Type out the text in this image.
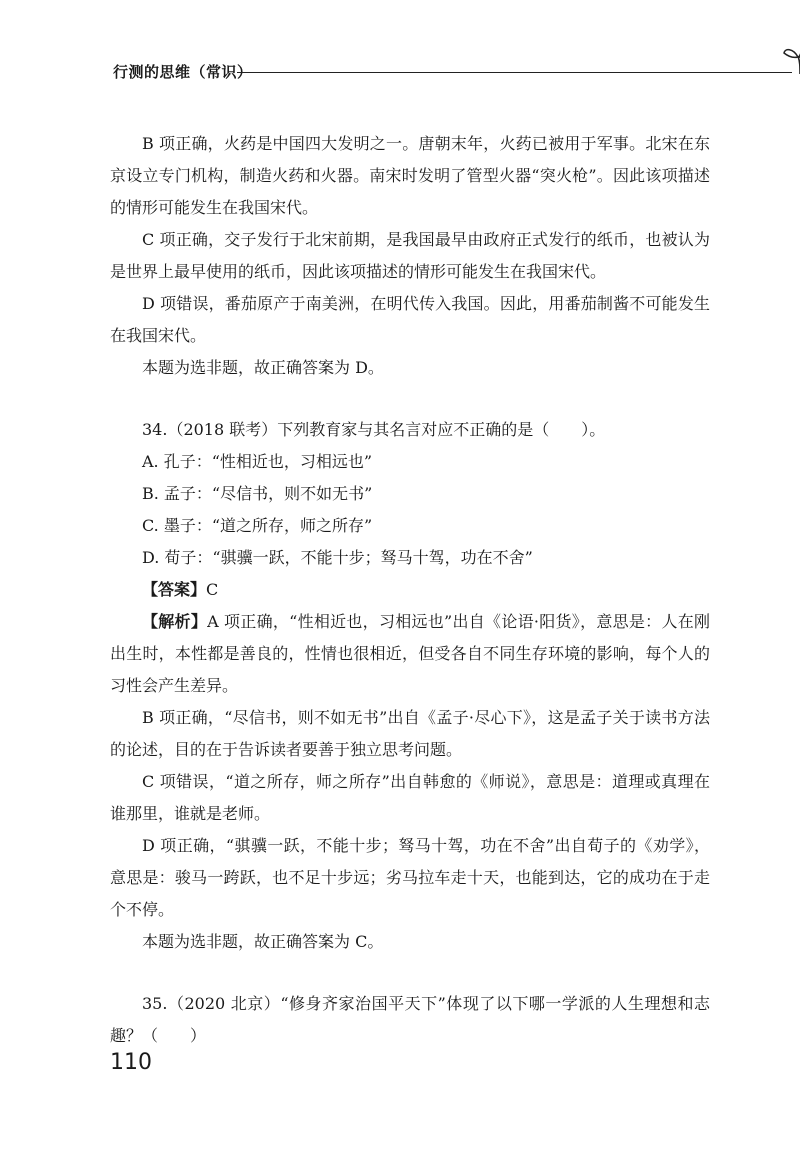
行测的思维（常识）

B 项正确，火药是中国四大发明之一。唐朝末年，火药已被用于军事。北宋在东京设立专门机构，制造火药和火器。南宋时发明了管型火器“突火枪”。因此该项描述的情形可能发生在我国宋代。

C 项正确，交子发行于北宋前期，是我国最早由政府正式发行的纸币，也被认为是世界上最早使用的纸币，因此该项描述的情形可能发生在我国宋代。

D 项错误，番茄原产于南美洲，在明代传入我国。因此，用番茄制酱不可能发生在我国宋代。

本题为选非题，故正确答案为 D。

34.（2018 联考）下列教育家与其名言对应不正确的是（　　）。

A. 孔子：“性相近也，习相远也”

B. 孟子：“尽信书，则不如无书”

C. 墨子：“道之所存，师之所存”

D. 荀子：“骐骥一跃，不能十步；驽马十驾，功在不舍”

【答案】C

【解析】A 项正确，“性相近也，习相远也”出自《论语·阳货》，意思是：人在刚出生时，本性都是善良的，性情也很相近，但受各自不同生存环境的影响，每个人的习性会产生差异。

B 项正确，“尽信书，则不如无书”出自《孟子·尽心下》，这是孟子关于读书方法的论述，目的在于告诉读者要善于独立思考问题。

C 项错误，“道之所存，师之所存”出自韩愈的《师说》，意思是：道理或真理在谁那里，谁就是老师。

D 项正确，“骐骥一跃，不能十步；驽马十驾，功在不舍”出自荀子的《劝学》，意思是：骏马一跨跃，也不足十步远；劣马拉车走十天，也能到达，它的成功在于走个不停。

本题为选非题，故正确答案为 C。

35.（2020 北京）“修身齐家治国平天下”体现了以下哪一学派的人生理想和志趣？（　　）

110
